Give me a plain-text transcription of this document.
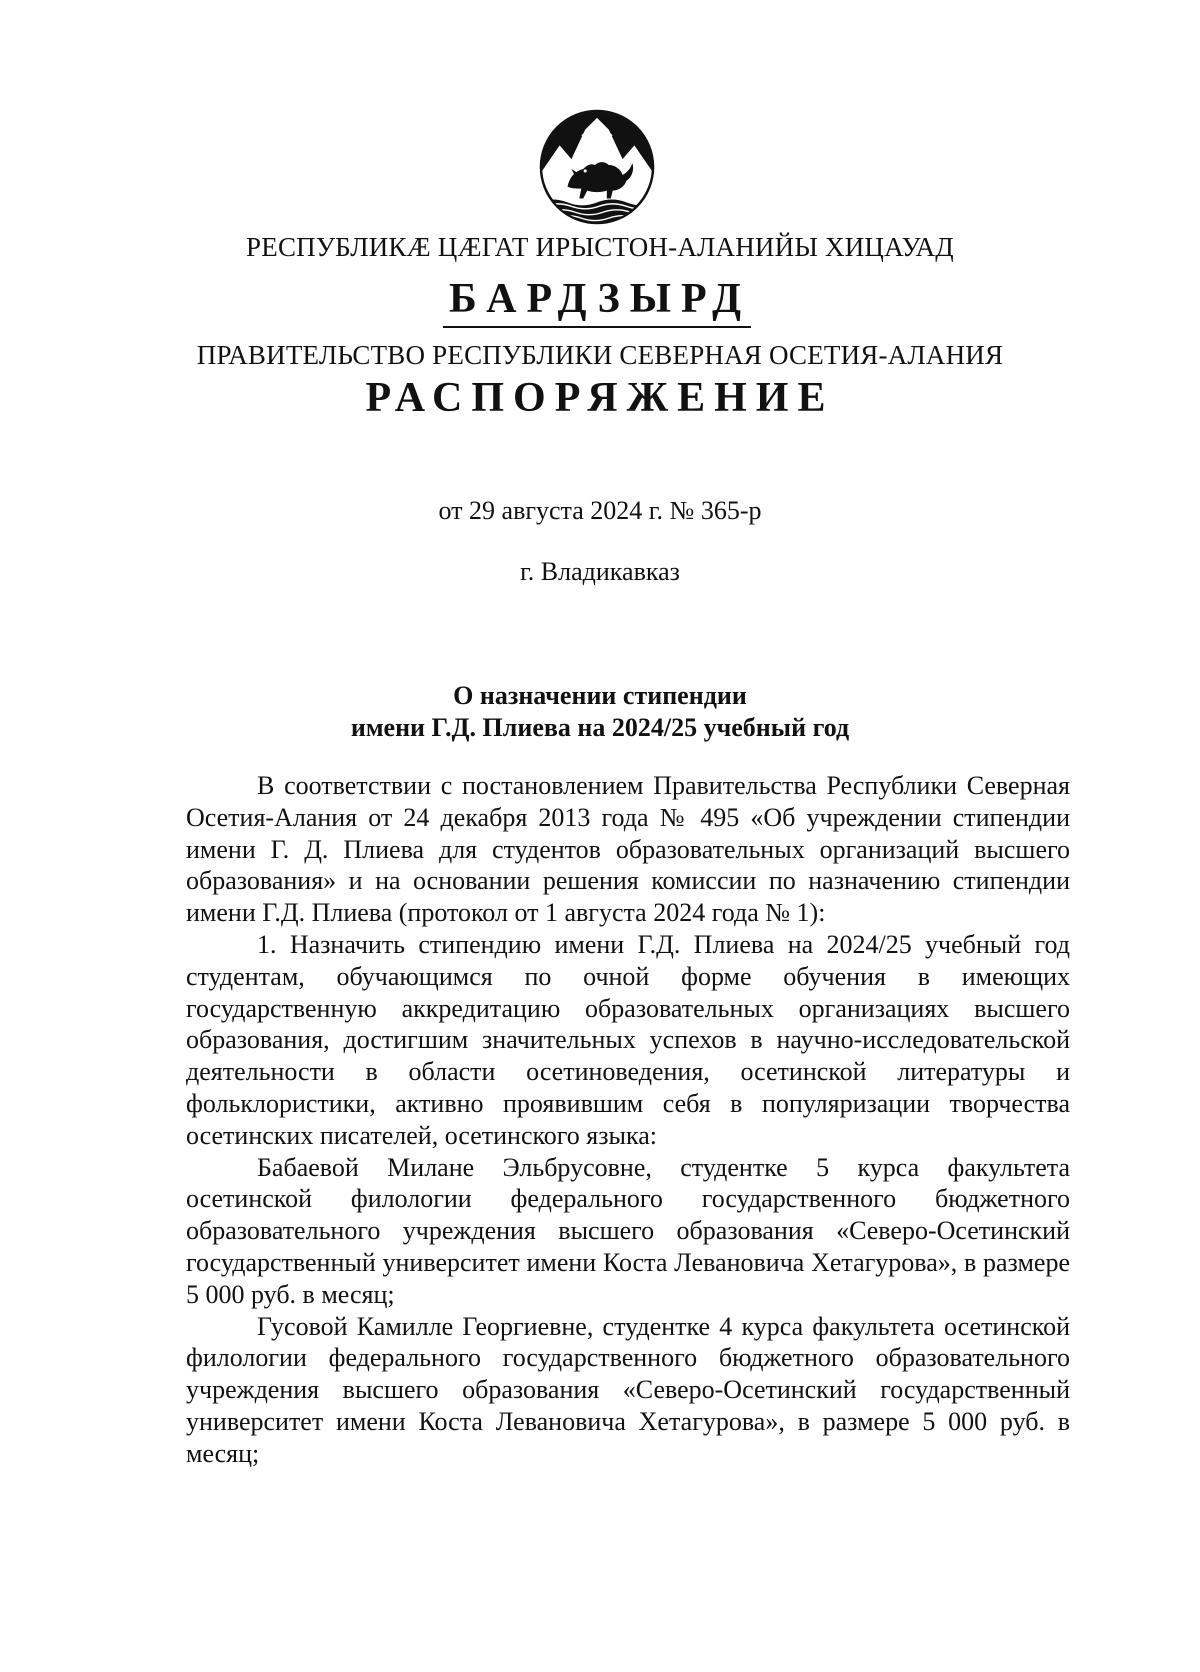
РЕСПУБЛИКÆ ЦÆГАТ ИРЫСТОН-АЛАНИЙЫ ХИЦАУАД
БАРДЗЫРД
ПРАВИТЕЛЬСТВО РЕСПУБЛИКИ СЕВЕРНАЯ ОСЕТИЯ-АЛАНИЯ
РАСПОРЯЖЕНИЕ
от 29 августа 2024 г. № 365-р
г. Владикавказ
О назначении стипендии
имени Г.Д. Плиева на 2024/25 учебный год

В соответствии с постановлением Правительства Республики Северная Осетия-Алания от 24 декабря 2013 года № 495 «Об учреждении стипендии имени Г. Д. Плиева для студентов образовательных организаций высшего образования» и на основании решения комиссии по назначению стипендии имени Г.Д. Плиева (протокол от 1 августа 2024 года № 1):

1. Назначить стипендию имени Г.Д. Плиева на 2024/25 учебный год студентам, обучающимся по очной форме обучения в имеющих государственную аккредитацию образовательных организациях высшего образования, достигшим значительных успехов в научно-исследовательской деятельности в области осетиноведения, осетинской литературы и фольклористики, активно проявившим себя в популяризации творчества осетинских писателей, осетинского языка:

Бабаевой Милане Эльбрусовне, студентке 5 курса факультета осетинской филологии федерального государственного бюджетного образовательного учреждения высшего образования «Северо-Осетинский государственный университет имени Коста Левановича Хетагурова», в размере 5 000 руб. в месяц;

Гусовой Камилле Георгиевне, студентке 4 курса факультета осетинской филологии федерального государственного бюджетного образовательного учреждения высшего образования «Северо-Осетинский государственный университет имени Коста Левановича Хетагурова», в размере 5 000 руб. в месяц;
